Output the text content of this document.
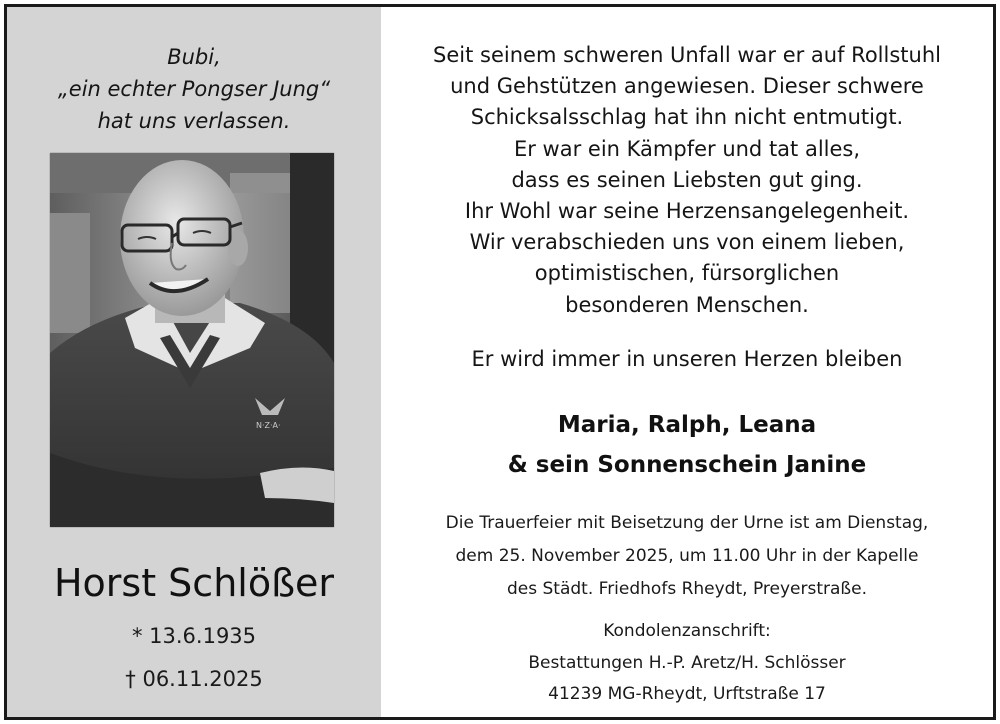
Bubi,
„ein echter Pongser Jung“
hat uns verlassen.
N·Z·A·
Horst Schlößer
* 13.6.1935
† 06.11.2025
Seit seinem schweren Unfall war er auf Rollstuhl
und Gehstützen angewiesen. Dieser schwere
Schicksalsschlag hat ihn nicht entmutigt.
Er war ein Kämpfer und tat alles,
dass es seinen Liebsten gut ging.
Ihr Wohl war seine Herzensangelegenheit.
Wir verabschieden uns von einem lieben,
optimistischen, fürsorglichen
besonderen Menschen.
Er wird immer in unseren Herzen bleiben
Maria, Ralph, Leana
& sein Sonnenschein Janine
Die Trauerfeier mit Beisetzung der Urne ist am Dienstag,
dem 25. November 2025, um 11.00 Uhr in der Kapelle
des Städt. Friedhofs Rheydt, Preyerstraße.
Kondolenzanschrift:
Bestattungen H.-P. Aretz/H. Schlösser
41239 MG-Rheydt, Urftstraße 17
